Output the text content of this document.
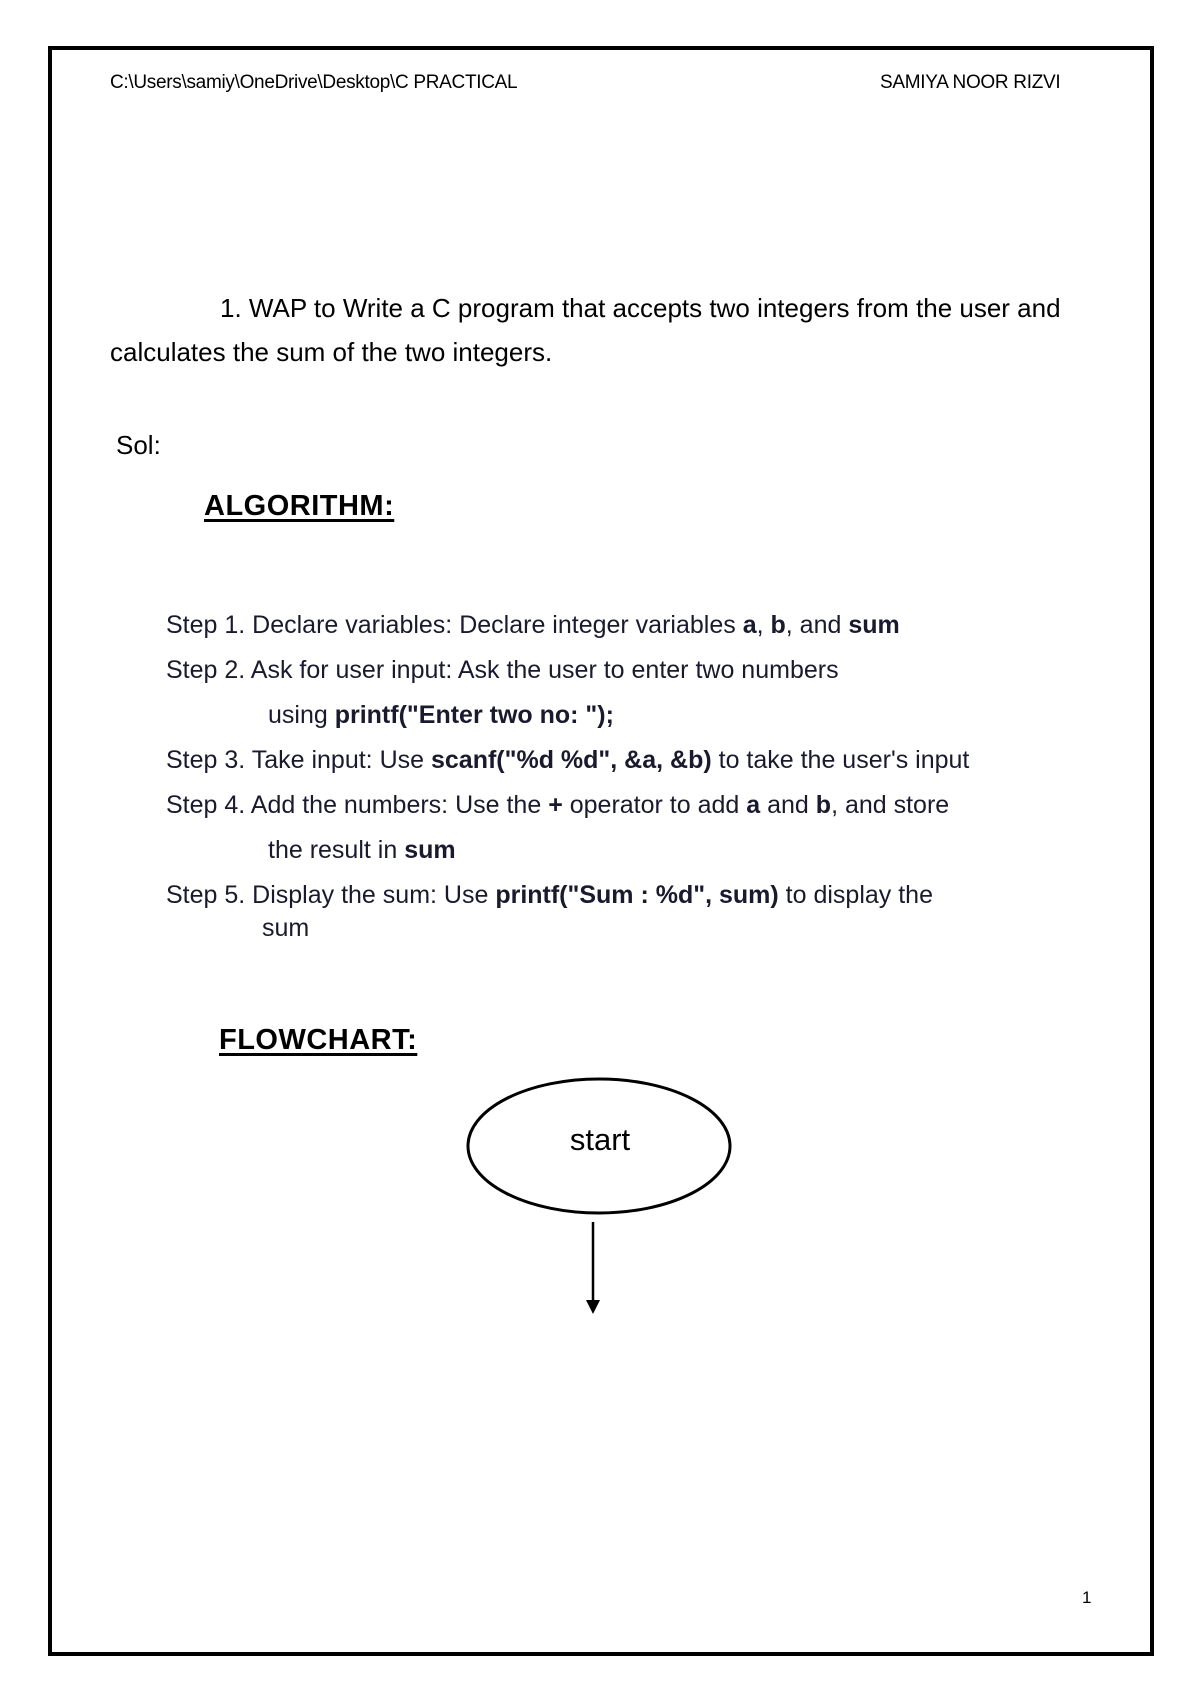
C:\Users\samiy\OneDrive\Desktop\C PRACTICAL	SAMIYA NOOR RIZVI
1. WAP to Write a C program that accepts two integers from the user and calculates the sum of the two integers.
Sol:
ALGORITHM:
Step 1. Declare variables: Declare integer variables a, b, and sum
Step 2. Ask for user input: Ask the user to enter two numbers
using printf("Enter two no: ");
Step 3. Take input: Use scanf("%d %d", &a, &b) to take the user's input
Step 4. Add the numbers: Use the + operator to add a and b, and store
the result in sum
Step 5. Display the sum: Use printf("Sum : %d", sum) to display the
sum
FLOWCHART:
start
1
